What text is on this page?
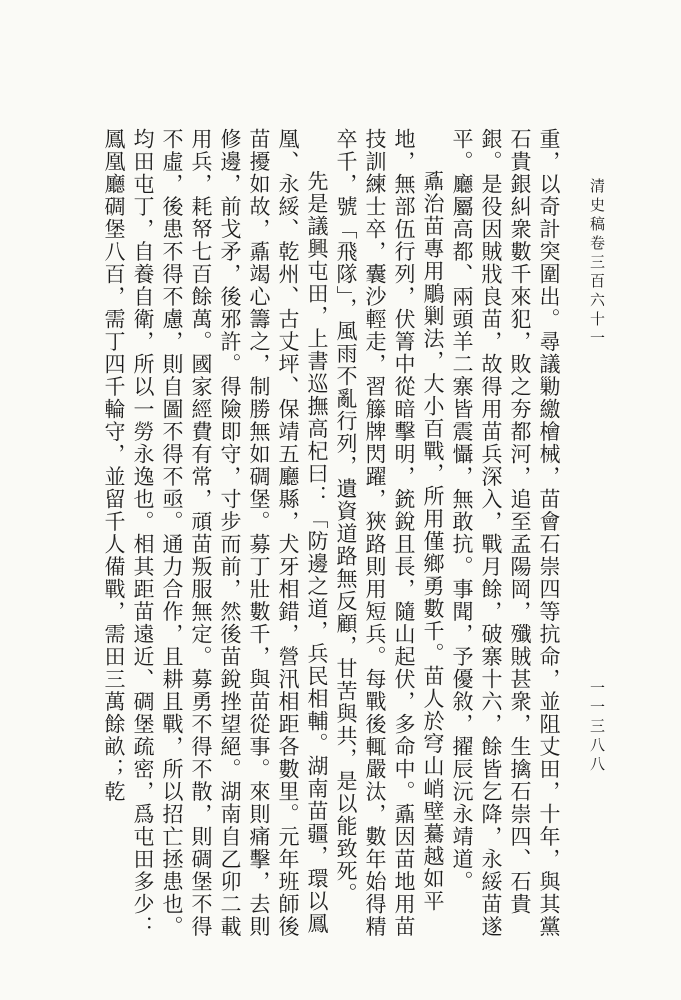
清史稿卷三百六十一
一一三八八

重，以奇計突圍出。尋議勦繳檜械，苗會石崇四等抗命，並阻丈田，十年，與其黨石貴銀糾衆數千來犯，敗之夯都河，追至孟陽岡，殲賊甚衆，生擒石崇四、石貴銀。是役因賊戕良苗，故得用苗兵深入，戰月餘，破寨十六，餘皆乞降，永綏苗遂平。廳屬高都、兩頭羊二寨皆震懾，無敢抗。事聞，予優敘，擢辰沅永靖道。

鼒治苗專用鵰剿法，大小百戰，所用僅鄉勇數千。苗人於穹山峭壁驀越如平地，無部伍行列，伏箐中從暗擊明，銃銳且長，隨山起伏，多命中。鼒因苗地用苗技訓練士卒，囊沙輕走，習籐牌閃躍，狹路則用短兵。每戰後輒嚴汰，數年始得精卒千，號「飛隊」，風雨不亂行列，遺資道路無反顧，甘苦與共，是以能致死。

先是議興屯田，上書巡撫高杞曰：「防邊之道，兵民相輔。湖南苗疆，環以鳳凰、永綏、乾州、古丈坪、保靖五廳縣，犬牙相錯，營汛相距各數里。元年班師後苗擾如故，鼒竭心籌之，制勝無如碉堡。募丁壯數千，與苗從事。來則痛擊，去則修邊，前戈矛，後邪許。得險即守，寸步而前，然後苗銳挫望絕。湖南自乙卯二載用兵，耗帑七百餘萬。國家經費有常，頑苗叛服無定。募勇不得不散，則碉堡不得不虛，後患不得不慮，則自圖不得不亟。通力合作，且耕且戰，所以招亡拯患也。均田屯丁，自養自衛，所以一勞永逸也。相其距苗遠近、碉堡疏密，爲屯田多少：鳳凰廳碉堡八百，需丁四千輪守，並留千人備戰，需田三萬餘畝；乾
